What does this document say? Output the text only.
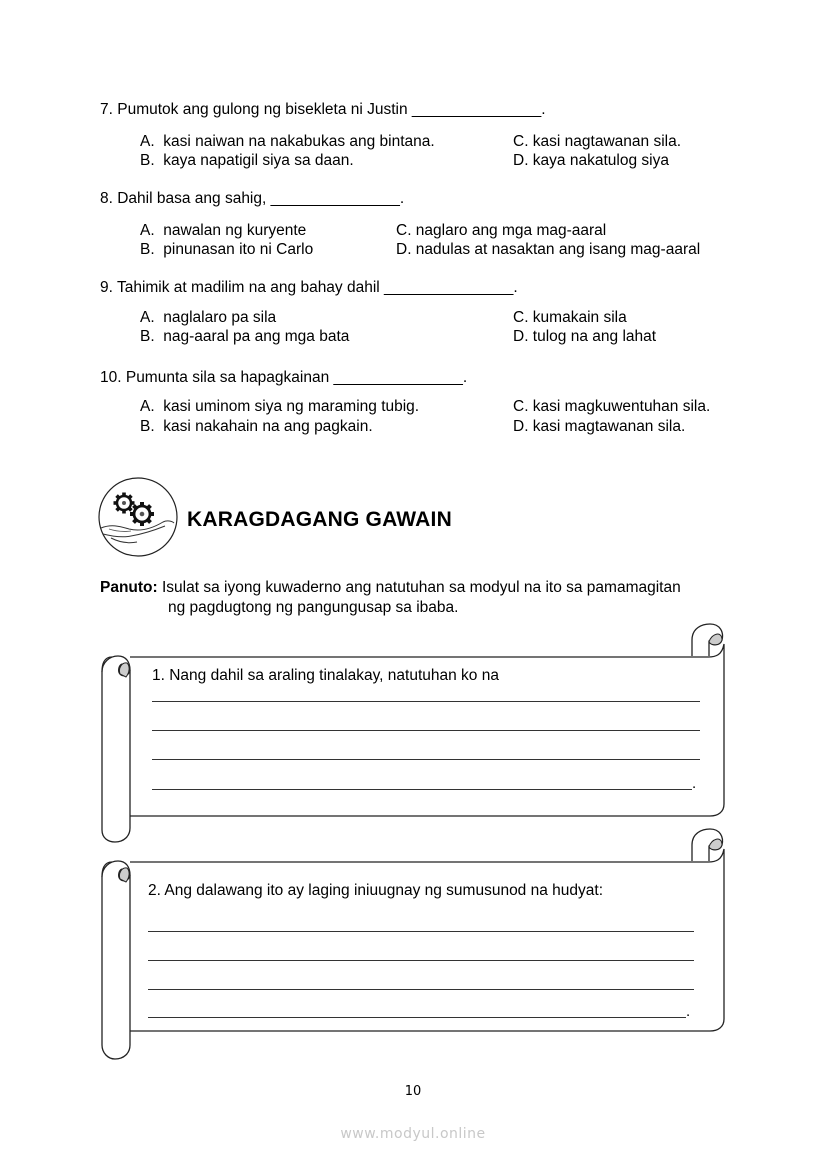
7. Pumutok ang gulong ng bisekleta ni Justin _______________.
A.  kasi naiwan na nakabukas ang bintana.
B.  kaya napatigil siya sa daan.
C. kasi nagtawanan sila.
D. kaya nakatulog siya
8. Dahil basa ang sahig, _______________.
A.  nawalan ng kuryente
B.  pinunasan ito ni Carlo
C. naglaro ang mga mag-aaral
D. nadulas at nasaktan ang isang mag-aaral
9. Tahimik at madilim na ang bahay dahil _______________.
A.  naglalaro pa sila
B.  nag-aaral pa ang mga bata
C. kumakain sila
D. tulog na ang lahat
10. Pumunta sila sa hapagkainan _______________.
A.  kasi uminom siya ng maraming tubig.
B.  kasi nakahain na ang pagkain.
C. kasi magkuwentuhan sila.
D. kasi magtawanan sila.
KARAGDAGANG GAWAIN
Panuto: Isulat sa iyong kuwaderno ang natutuhan sa modyul na ito sa pamamagitan
ng pagdugtong ng pangungusap sa ibaba.
1. Nang dahil sa araling tinalakay, natutuhan ko na
.
2. Ang dalawang ito ay laging iniuugnay ng sumusunod na hudyat:
.
10
www.modyul.online
